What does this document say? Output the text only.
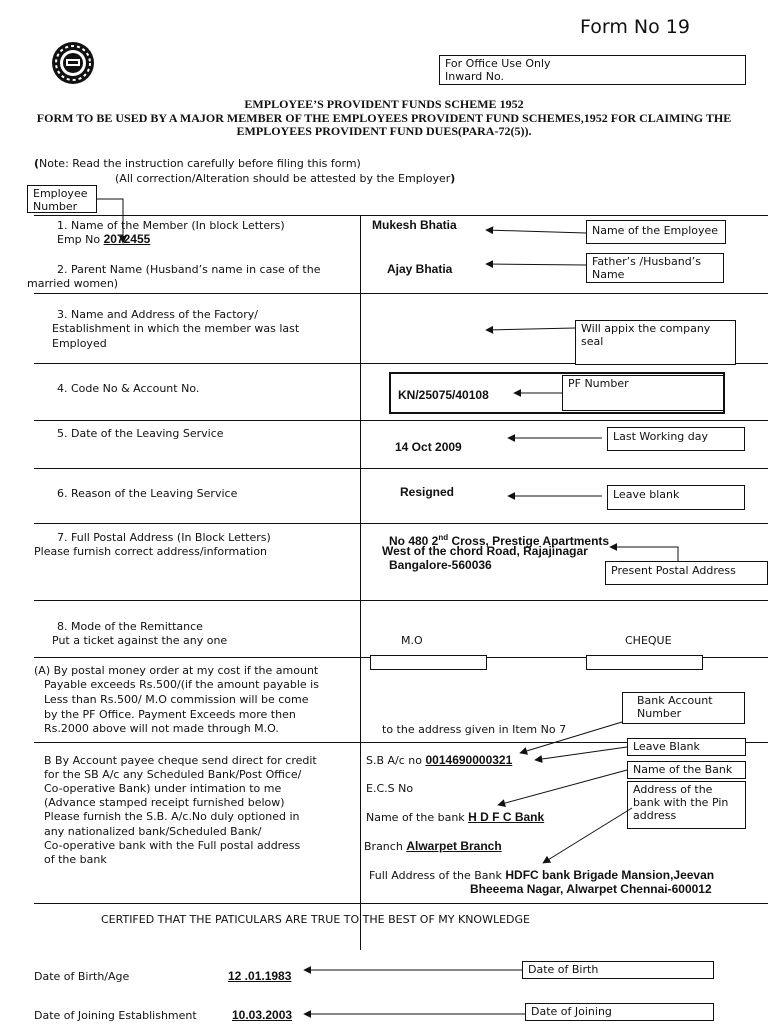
Form No 19
For Office Use Only
Inward No.
EMPLOYEE’S PROVIDENT FUNDS SCHEME 1952
FORM TO BE USED BY A MAJOR MEMBER OF THE EMPLOYEES PROVIDENT FUND SCHEMES,1952 FOR CLAIMING THE
EMPLOYEES PROVIDENT FUND DUES(PARA-72(5)).
(Note: Read the instruction carefully before filing this form)
(All correction/Alteration should be attested by the Employer)
Employee
Number
1. Name of the Member (In block Letters)
Emp No 2072455
Mukesh Bhatia	Name of the Employee
2. Parent Name (Husband’s name in case of the
married women)
Ajay Bhatia
Father’s /Husband’s
Name
3. Name and Address of the Factory/
Establishment in which the member was last
Employed
Will appix the company
seal
4. Code No & Account No.	KN/25075/40108
PF Number
5. Date of the Leaving Service
14 Oct 2009
Last Working day
6. Reason of the Leaving Service	Resigned	Leave blank
7. Full Postal Address (In Block Letters)
Please furnish correct address/information
No 480 2nd Cross, Prestige Apartments
West of the chord Road, Rajajinagar
Bangalore-560036	Present Postal Address
8. Mode of the Remittance
Put a ticket against the any one	M.O	CHEQUE
(A) By postal money order at my cost if the amount
Payable exceeds Rs.500/(if the amount payable is
Less than Rs.500/ M.O commission will be come
by the PF Office. Payment Exceeds more then
Rs.2000 above will not made through M.O.	to the address given in Item No 7
Bank Account
Number
B By Account payee cheque send direct for credit
for the SB A/c any Scheduled Bank/Post Office/
Co-operative Bank) under intimation to me
(Advance stamped receipt furnished below)
Please furnish the S.B. A/c.No duly optioned in
any nationalized bank/Scheduled Bank/
Co-operative bank with the Full postal address
of the bank
S.B A/c no 0014690000321
E.C.S No
Name of the bank H D F C Bank
Branch Alwarpet Branch
Full Address of the Bank HDFC bank Brigade Mansion,Jeevan
Bheeema Nagar, Alwarpet Chennai-600012
Leave Blank
Name of the Bank
Address of the
bank with the Pin
address
CERTIFED THAT THE PATICULARS ARE TRUE TO THE BEST OF MY KNOWLEDGE
Date of Birth/Age	12 .01.1983	Date of Birth
Date of Joining Establishment	10.03.2003	Date of Joining
